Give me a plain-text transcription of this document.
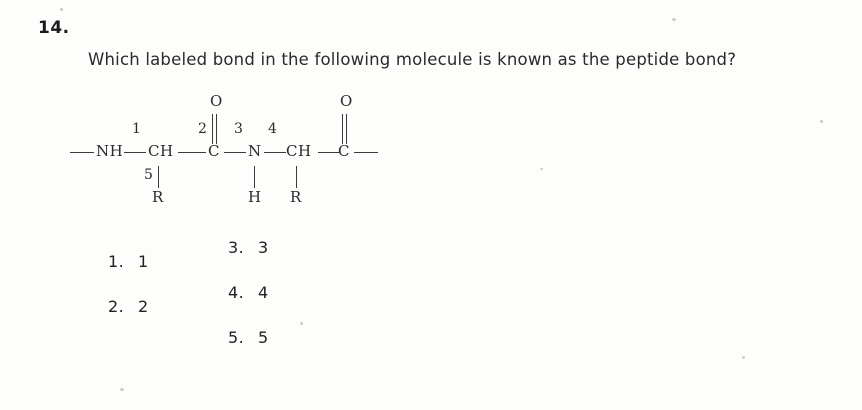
14.
Which labeled bond in the following molecule is known as the peptide bond?
O	O
1	2 3 4
NH CH C N CH C
5
R	H R
1. 1
2. 2
3. 3
4. 4
5. 5
